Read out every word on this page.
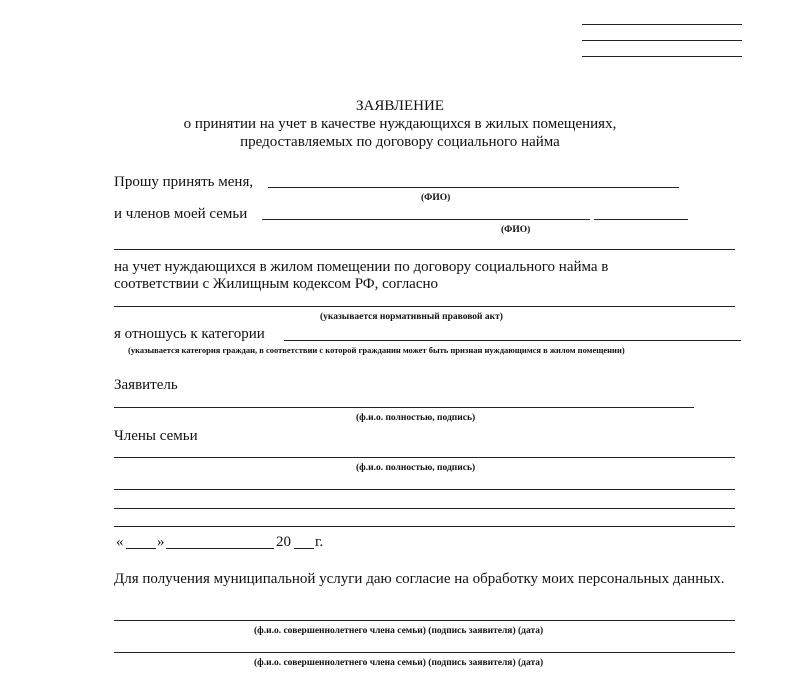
ЗАЯВЛЕНИЕ
о принятии на учет в качестве нуждающихся в жилых помещениях,
предоставляемых по договору социального найма
Прошу принять меня,
(ФИО)
и членов моей семьи
(ФИО)
на учет нуждающихся в жилом помещении по договору социального найма в
соответствии с Жилищным кодексом РФ, согласно
(указывается нормативный правовой акт)
я отношусь к категории
(указывается категория граждан, в соответствии с которой гражданин может быть признан нуждающимся в жилом помещении)
Заявитель
(ф.и.о. полностью, подпись)
Члены семьи
(ф.и.о. полностью, подпись)
« »	20 г.
Для получения муниципальной услуги даю согласие на обработку моих персональных данных.
(ф.и.о. совершеннолетнего члена семьи) (подпись заявителя) (дата)
(ф.и.о. совершеннолетнего члена семьи) (подпись заявителя) (дата)
